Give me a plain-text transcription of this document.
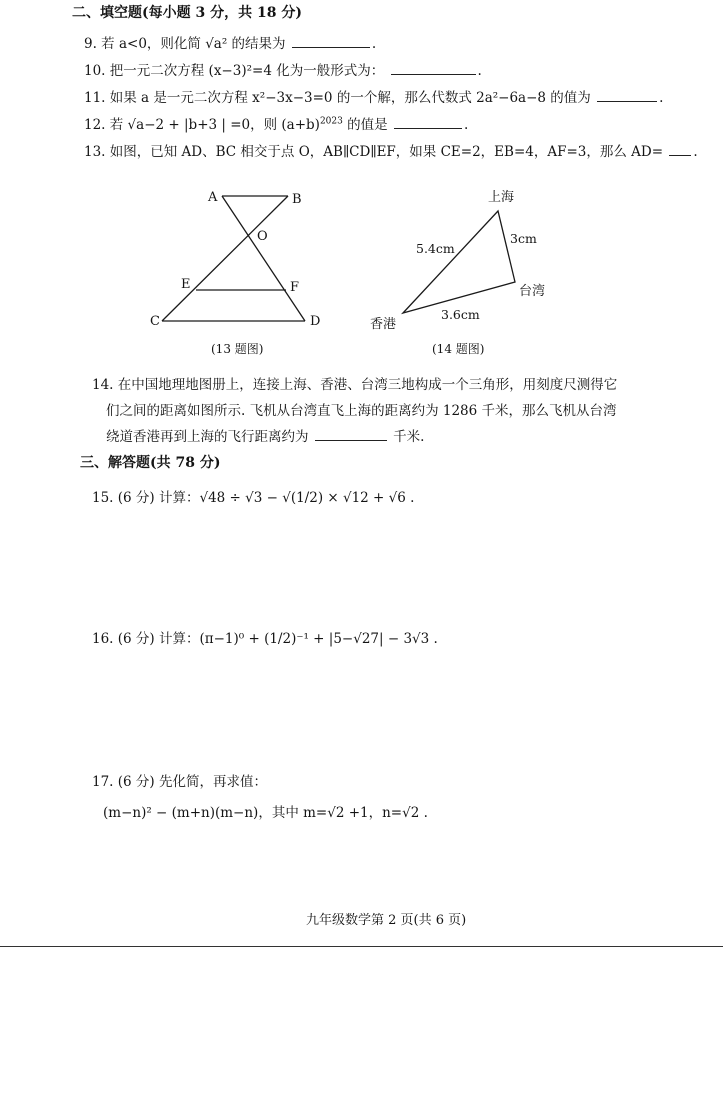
二、填空题(每小题 3 分，共 18 分)
9. 若 a<0，则化简 √a² 的结果为	.
10. 把一元二次方程 (x−3)²=4 化为一般形式为：	.
11. 如果 a 是一元二次方程 x²−3x−3=0 的一个解，那么代数式 2a²−6a−8 的值为	.
12. 若 √a−2 + |b+3 | =0，则 $(a+b)^{2023}$ 的值是	.
13. 如图，已知 AD、BC 相交于点 O，AB∥CD∥EF，如果 CE=2，EB=4，AF=3，那么 AD= .
A	B
O
E	F
C	D
(13 题图)
上海
台湾
香港
5.4cm
3cm
3.6cm
(14 题图)
14. 在中国地理地图册上，连接上海、香港、台湾三地构成一个三角形，用刻度尺测得它
们之间的距离如图所示. 飞机从台湾直飞上海的距离约为 1286 千米，那么飞机从台湾
绕道香港再到上海的飞行距离约为	千米.
三、解答题(共 78 分)
15. (6 分) 计算：√48 ÷ √3 − √(1/2) × √12 + √6 .
16. (6 分) 计算：(π−1)⁰ + (1/2)⁻¹ + |5−√27| − 3√3 .
17. (6 分) 先化简，再求值：
(m−n)² − (m+n)(m−n)，其中 m=√2 +1，n=√2 .
九年级数学第 2 页(共 6 页)
